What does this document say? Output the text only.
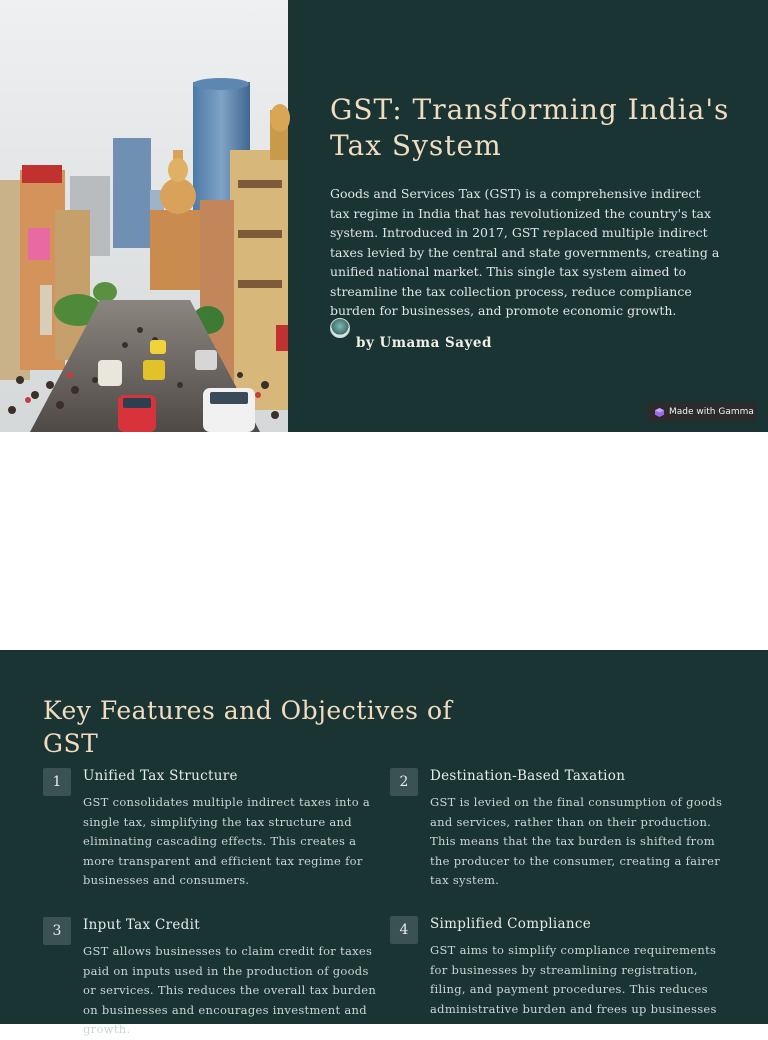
GST: Transforming India's Tax System

Goods and Services Tax (GST) is a comprehensive indirect tax regime in India that has revolutionized the country's tax system. Introduced in 2017, GST replaced multiple indirect taxes levied by the central and state governments, creating a unified national market. This single tax system aimed to streamline the tax collection process, reduce compliance burden for businesses, and promote economic growth.

by Umama Sayed
Made with Gamma
Key Features and Objectives of GST
1	Unified Tax Structure
GST consolidates multiple indirect taxes into a single tax, simplifying the tax structure and eliminating cascading effects. This creates a more transparent and efficient tax regime for businesses and consumers.
2	Destination-Based Taxation
GST is levied on the final consumption of goods and services, rather than on their production. This means that the tax burden is shifted from the producer to the consumer, creating a fairer tax system.
3	Input Tax Credit
GST allows businesses to claim credit for taxes paid on inputs used in the production of goods or services. This reduces the overall tax burden on businesses and encourages investment and growth.
4	Simplified Compliance
GST aims to simplify compliance requirements for businesses by streamlining registration, filing, and payment procedures. This reduces administrative burden and frees up businesses
